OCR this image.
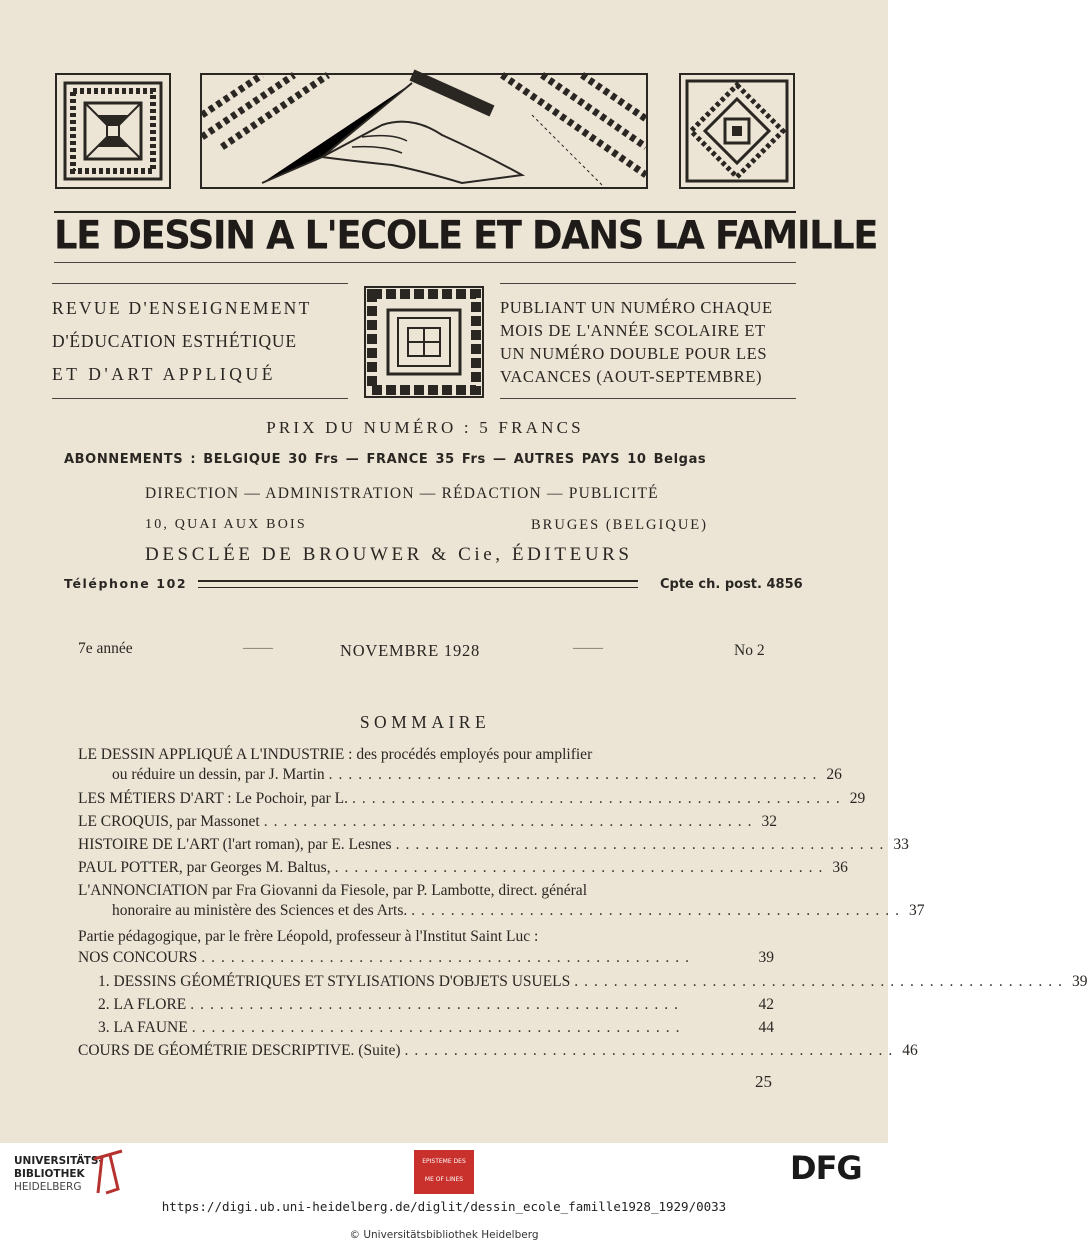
LE DESSIN A L'ECOLE ET DANS LA FAMILLE
REVUE D'ENSEIGNEMENT
D'ÉDUCATION ESTHÉTIQUE
ET D'ART APPLIQUÉ
PUBLIANT UN NUMÉRO CHAQUE
MOIS DE L'ANNÉE SCOLAIRE ET
UN NUMÉRO DOUBLE POUR LES
VACANCES (AOUT-SEPTEMBRE)
PRIX DU NUMÉRO : 5 FRANCS
ABONNEMENTS : BELGIQUE 30 Frs — FRANCE 35 Frs — AUTRES PAYS 10 Belgas
DIRECTION — ADMINISTRATION — RÉDACTION — PUBLICITÉ
10, QUAI AUX BOIS	BRUGES (BELGIQUE)
DESCLÉE DE BROUWER & Cie, ÉDITEURS
Téléphone 102	Cpte ch. post. 4856
7e année	——	NOVEMBRE 1928	——	No 2
SOMMAIRE
LE DESSIN APPLIQUÉ A L'INDUSTRIE : des procédés employés pour amplifier
ou réduire un dessin, par J. Martin .................................................. 26
LES MÉTIERS D'ART : Le Pochoir, par L. .................................................. 29
LE CROQUIS, par Massonet .................................................. 32
HISTOIRE DE L'ART (l'art roman), par E. Lesnes .................................................. 33
PAUL POTTER, par Georges M. Baltus, .................................................. 36
L'ANNONCIATION par Fra Giovanni da Fiesole, par P. Lambotte, direct. général
honoraire au ministère des Sciences et des Arts. .................................................. 37
Partie pédagogique, par le frère Léopold, professeur à l'Institut Saint Luc :
NOS CONCOURS ..................................................	39
1. DESSINS GÉOMÉTRIQUES ET STYLISATIONS D'OBJETS USUELS .................................................. 39
2. LA FLORE ..................................................	42
3. LA FAUNE ..................................................	44
COURS DE GÉOMÉTRIE DESCRIPTIVE. (Suite) .................................................. 46
25
UNIVERSITÄTS-
BIBLIOTHEK
HEIDELBERG
EPISTEME DES
ME OF LINES	DFG
https://digi.ub.uni-heidelberg.de/diglit/dessin_ecole_famille1928_1929/0033
© Universitätsbibliothek Heidelberg
